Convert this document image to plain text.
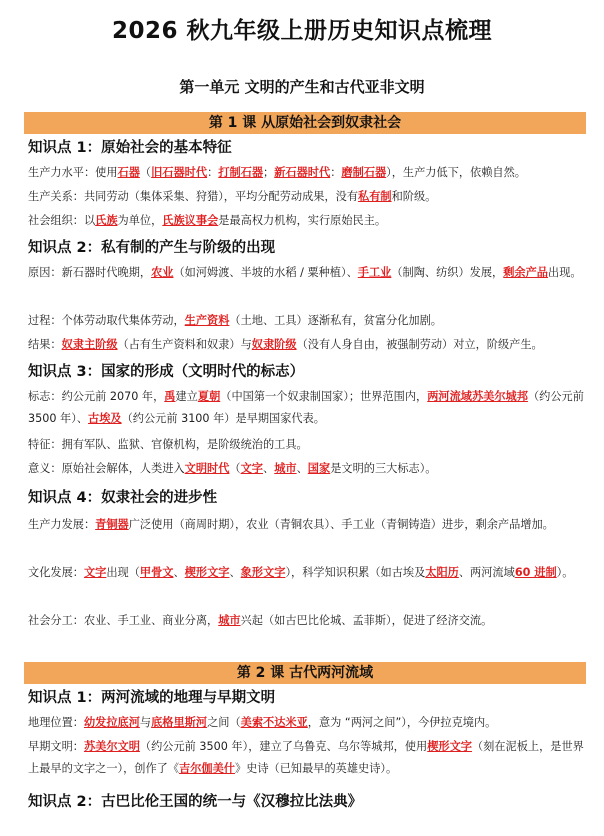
2026 秋九年级上册历史知识点梳理
第一单元 文明的产生和古代亚非文明
第 1 课 从原始社会到奴隶社会
知识点 1：原始社会的基本特征
生产力水平：使用石器（旧石器时代：打制石器；新石器时代：磨制石器），生产力低下，依赖自然。
生产关系：共同劳动（集体采集、狩猎），平均分配劳动成果，没有私有制和阶级。
社会组织：以氏族为单位，氏族议事会是最高权力机构，实行原始民主。
知识点 2：私有制的产生与阶级的出现
原因：新石器时代晚期，农业（如河姆渡、半坡的水稻 / 粟种植）、手工业（制陶、纺织）发展，剩余产品出现。
过程：个体劳动取代集体劳动，生产资料（土地、工具）逐渐私有，贫富分化加剧。
结果：奴隶主阶级（占有生产资料和奴隶）与奴隶阶级（没有人身自由，被强制劳动）对立，阶级产生。
知识点 3：国家的形成（文明时代的标志）
标志：约公元前 2070 年，禹建立夏朝（中国第一个奴隶制国家）；世界范围内，两河流域苏美尔城邦（约公元前 3500 年）、古埃及（约公元前 3100 年）是早期国家代表。
特征：拥有军队、监狱、官僚机构，是阶级统治的工具。
意义：原始社会解体，人类进入文明时代（文字、城市、国家是文明的三大标志）。
知识点 4：奴隶社会的进步性
生产力发展：青铜器广泛使用（商周时期），农业（青铜农具）、手工业（青铜铸造）进步，剩余产品增加。
文化发展：文字出现（甲骨文、楔形文字、象形文字），科学知识积累（如古埃及太阳历、两河流域60 进制）。
社会分工：农业、手工业、商业分离，城市兴起（如古巴比伦城、孟菲斯），促进了经济交流。
第 2 课 古代两河流域
知识点 1：两河流域的地理与早期文明
地理位置：幼发拉底河与底格里斯河之间（美索不达米亚，意为 “两河之间”），今伊拉克境内。
早期文明：苏美尔文明（约公元前 3500 年），建立了乌鲁克、乌尔等城邦，使用楔形文字（刻在泥板上，是世界上最早的文字之一），创作了《吉尔伽美什》史诗（已知最早的英雄史诗）。
知识点 2：古巴比伦王国的统一与《汉穆拉比法典》
